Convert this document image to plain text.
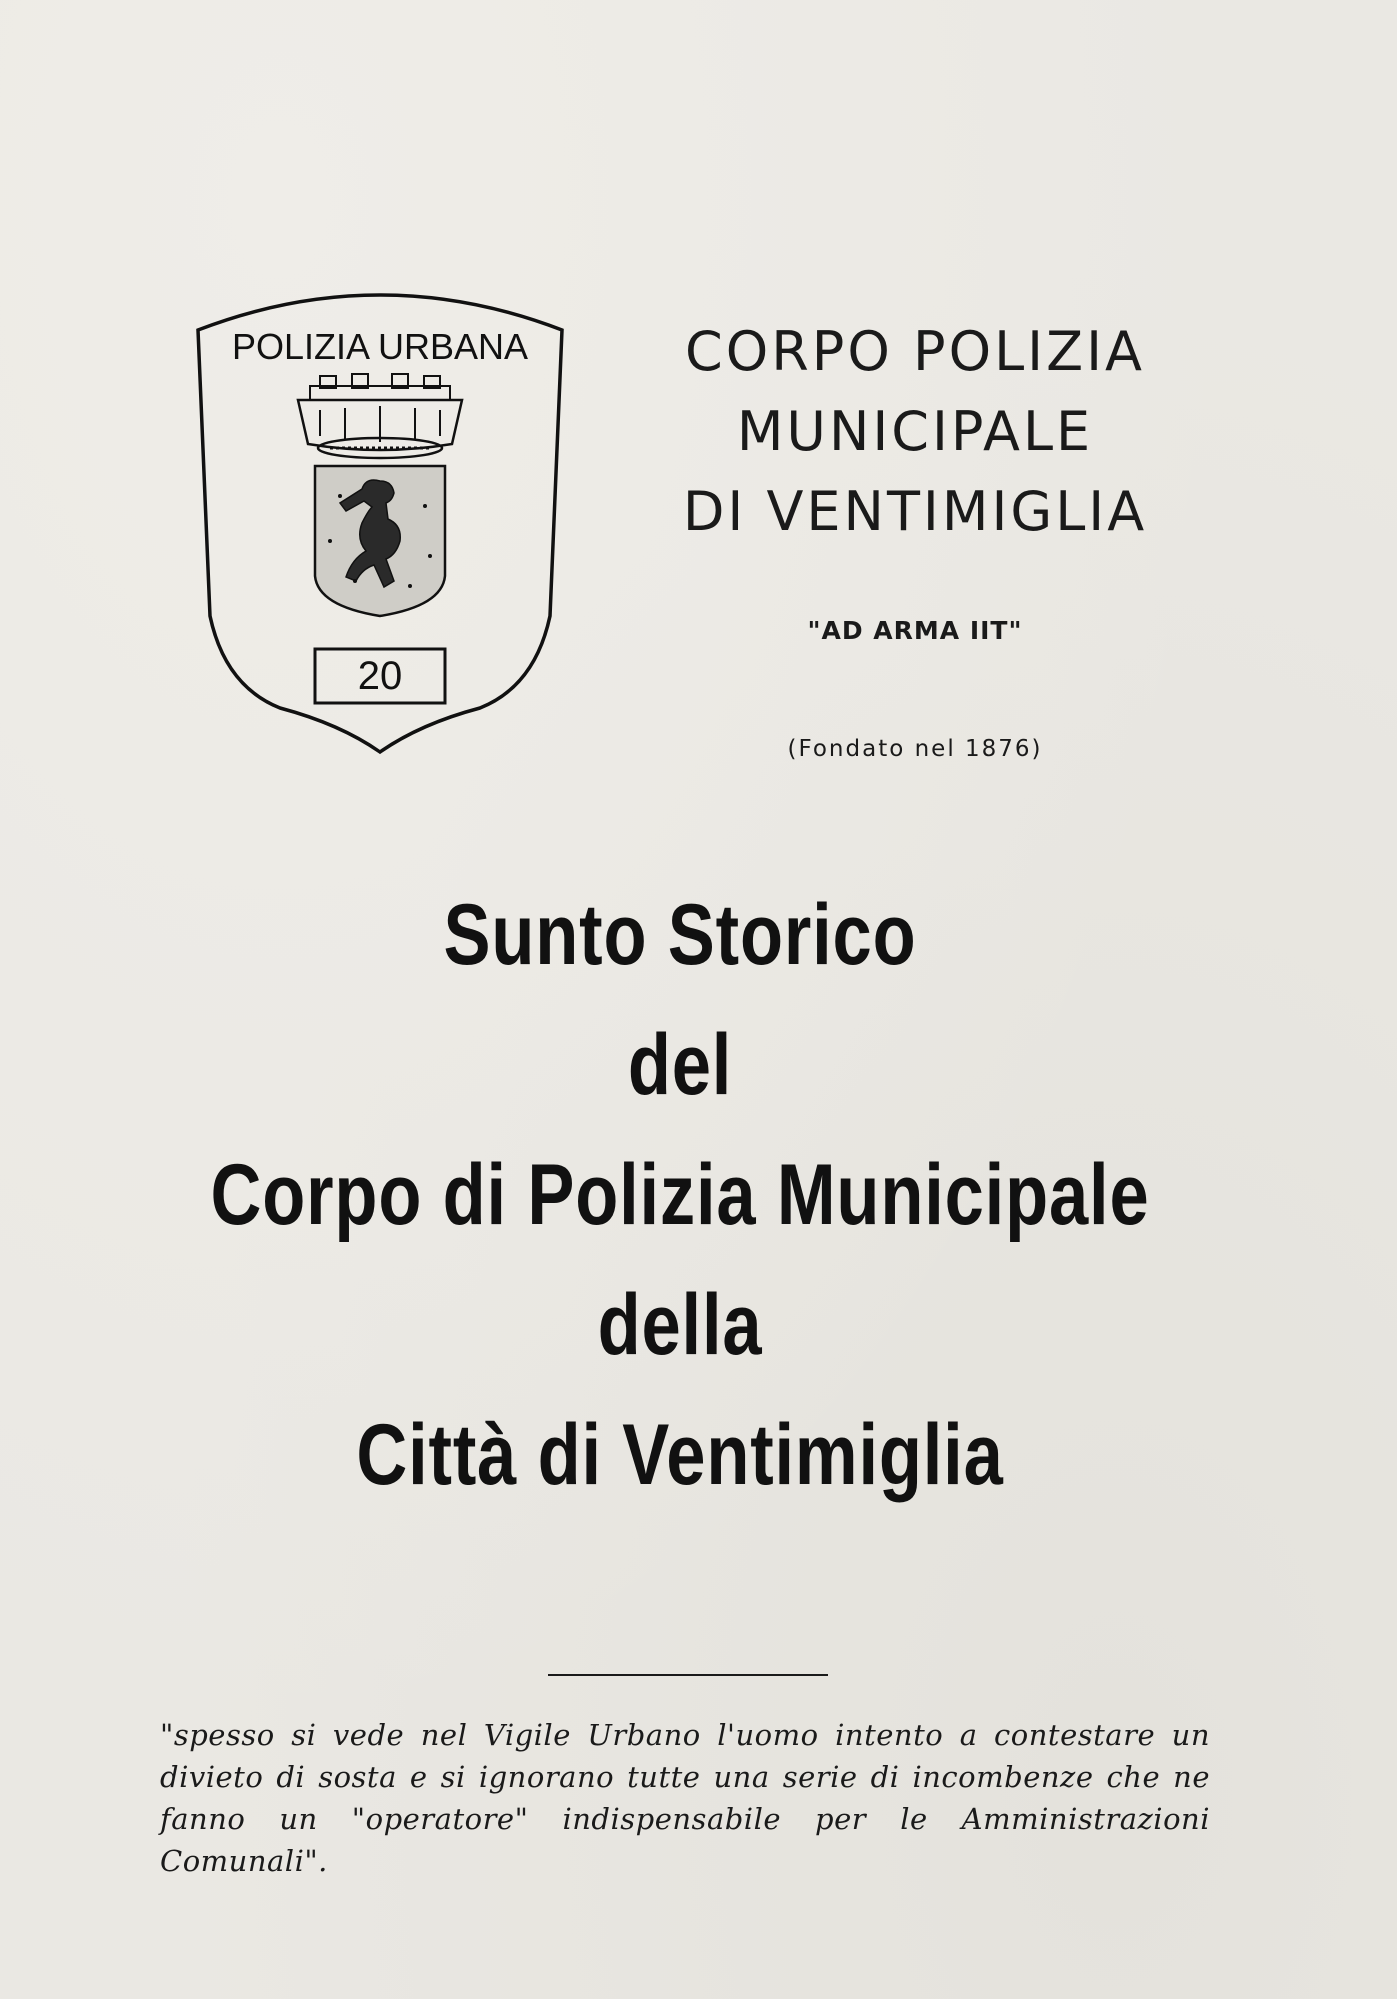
POLIZIA URBANA
20
CORPO POLIZIA
MUNICIPALE
DI VENTIMIGLIA
"AD ARMA IIT"
(Fondato nel 1876)
Sunto Storico
del
Corpo di Polizia Municipale
della
Città di Ventimiglia
"spesso si vede nel Vigile Urbano l'uomo intento a contestare un divieto di sosta e si ignorano tutte una serie di incombenze che ne fanno un "operatore" indispensabile per le Amministrazioni Comunali".
